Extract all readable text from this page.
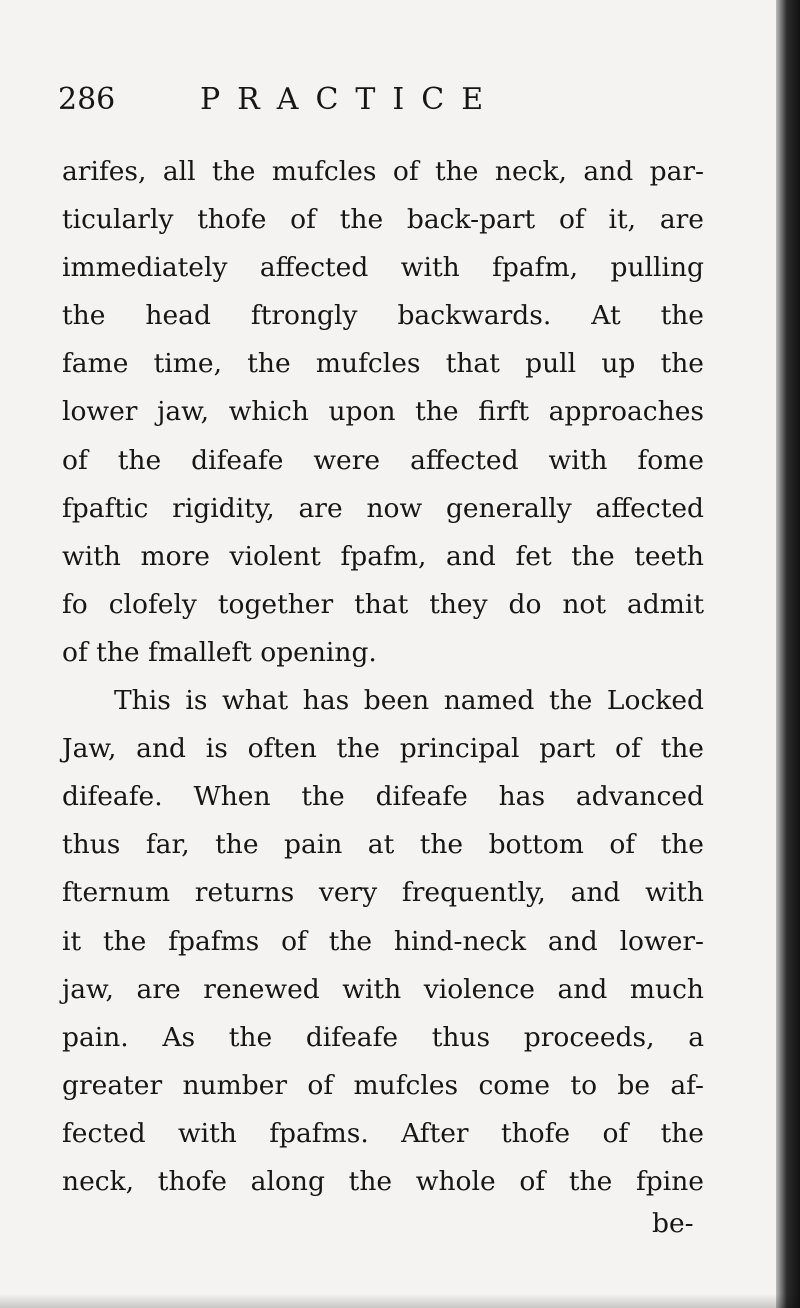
286	PRACTICE
arifes, all the mufcles of the neck, and par-
ticularly thofe of the back-part of it, are
immediately affected with fpafm, pulling
the head ftrongly backwards. At the
fame time, the mufcles that pull up the
lower jaw, which upon the firft approaches
of the difeafe were affected with fome
fpaftic rigidity, are now generally affected
with more violent fpafm, and fet the teeth
fo clofely together that they do not admit
of the fmalleft opening.
This is what has been named the Locked
Jaw, and is often the principal part of the
difeafe. When the difeafe has advanced
thus far, the pain at the bottom of the
fternum returns very frequently, and with
it the fpafms of the hind-neck and lower-
jaw, are renewed with violence and much
pain. As the difeafe thus proceeds, a
greater number of mufcles come to be af-
fected with fpafms. After thofe of the
neck, thofe along the whole of the fpine
be-
